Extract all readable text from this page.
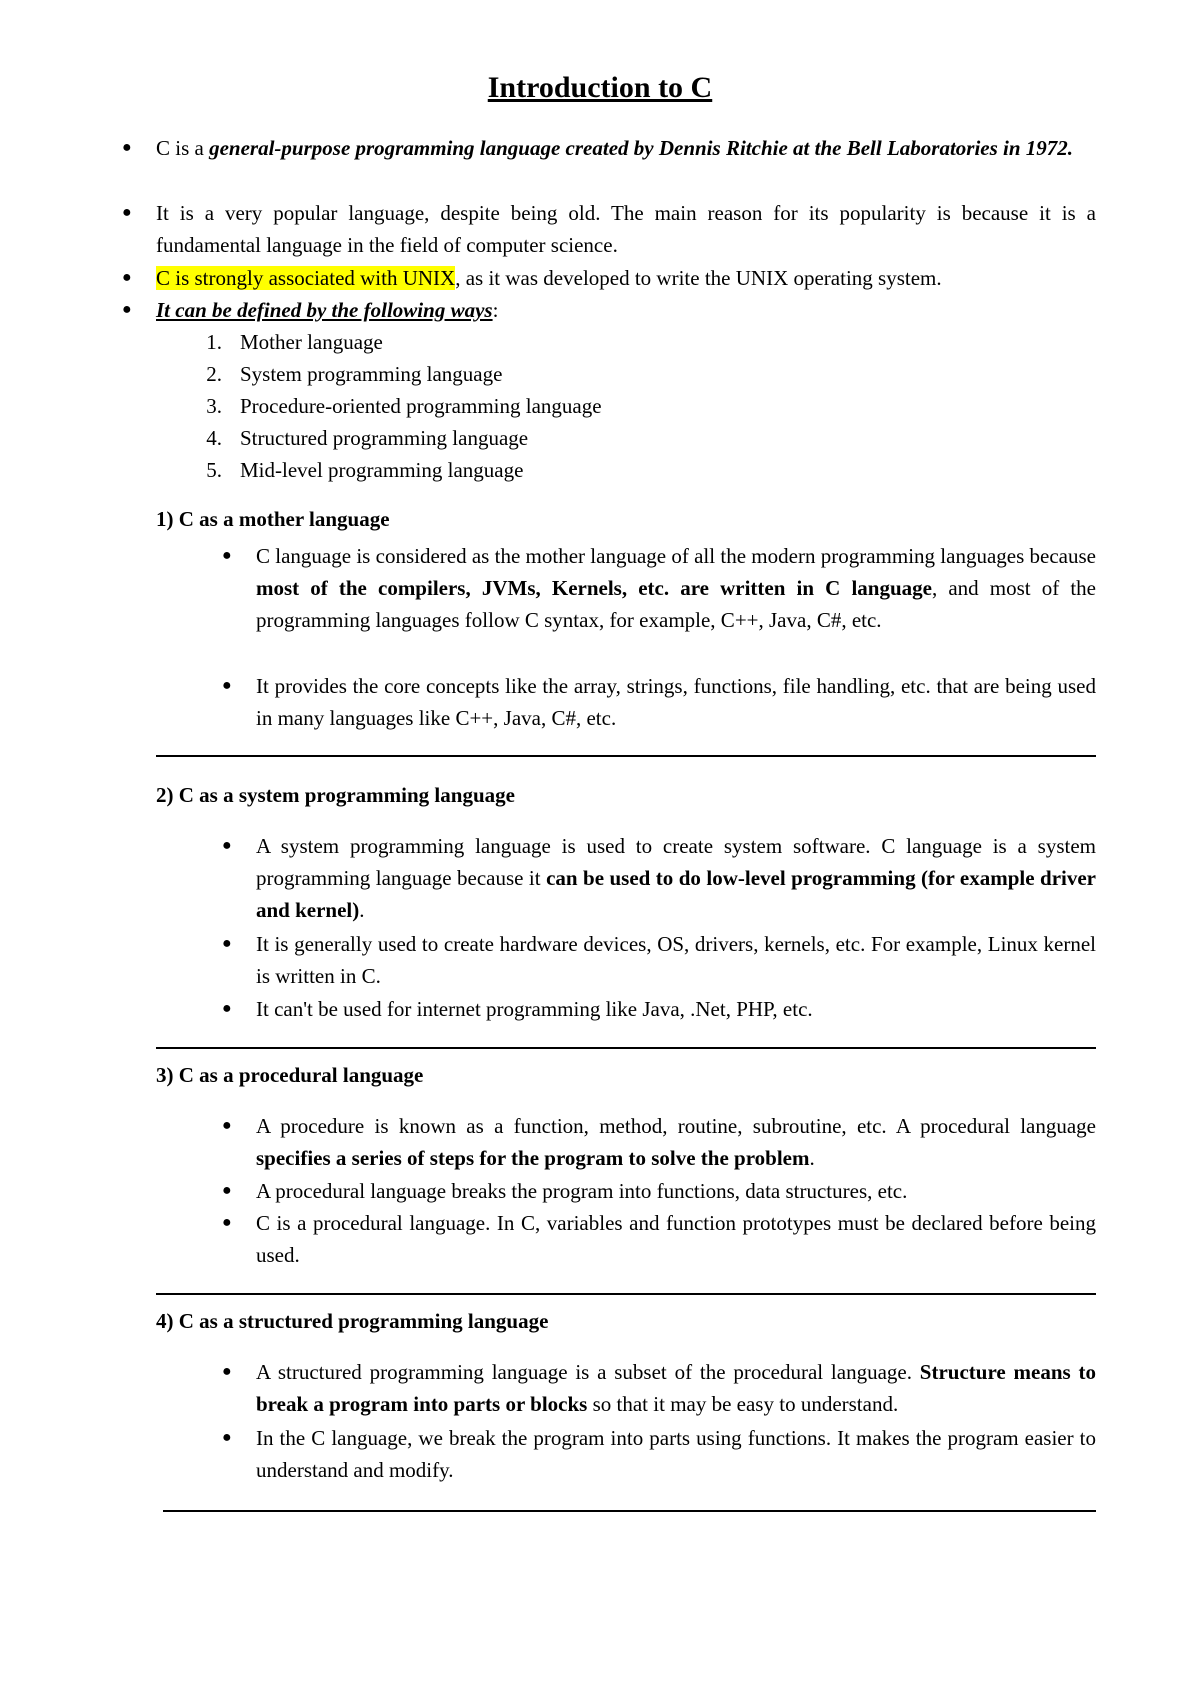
Introduction to C
● C is a general-purpose programming language created by Dennis Ritchie at the Bell Laboratories in 1972.
● It is a very popular language, despite being old. The main reason for its popularity is because it is a fundamental language in the field of computer science.
● C is strongly associated with UNIX, as it was developed to write the UNIX operating system.
● It can be defined by the following ways:
1. Mother language
2. System programming language
3. Procedure-oriented programming language
4. Structured programming language
5. Mid-level programming language
1) C as a mother language
● C language is considered as the mother language of all the modern programming languages because most of the compilers, JVMs, Kernels, etc. are written in C language, and most of the programming languages follow C syntax, for example, C++, Java, C#, etc.
● It provides the core concepts like the array, strings, functions, file handling, etc. that are being used in many languages like C++, Java, C#, etc.
2) C as a system programming language
● A system programming language is used to create system software. C language is a system programming language because it can be used to do low-level programming (for example driver and kernel).
● It is generally used to create hardware devices, OS, drivers, kernels, etc. For example, Linux kernel is written in C.
● It can't be used for internet programming like Java, .Net, PHP, etc.
3) C as a procedural language
● A procedure is known as a function, method, routine, subroutine, etc. A procedural language specifies a series of steps for the program to solve the problem.
● A procedural language breaks the program into functions, data structures, etc.
● C is a procedural language. In C, variables and function prototypes must be declared before being used.
4) C as a structured programming language
● A structured programming language is a subset of the procedural language. Structure means to break a program into parts or blocks so that it may be easy to understand.
● In the C language, we break the program into parts using functions. It makes the program easier to understand and modify.
